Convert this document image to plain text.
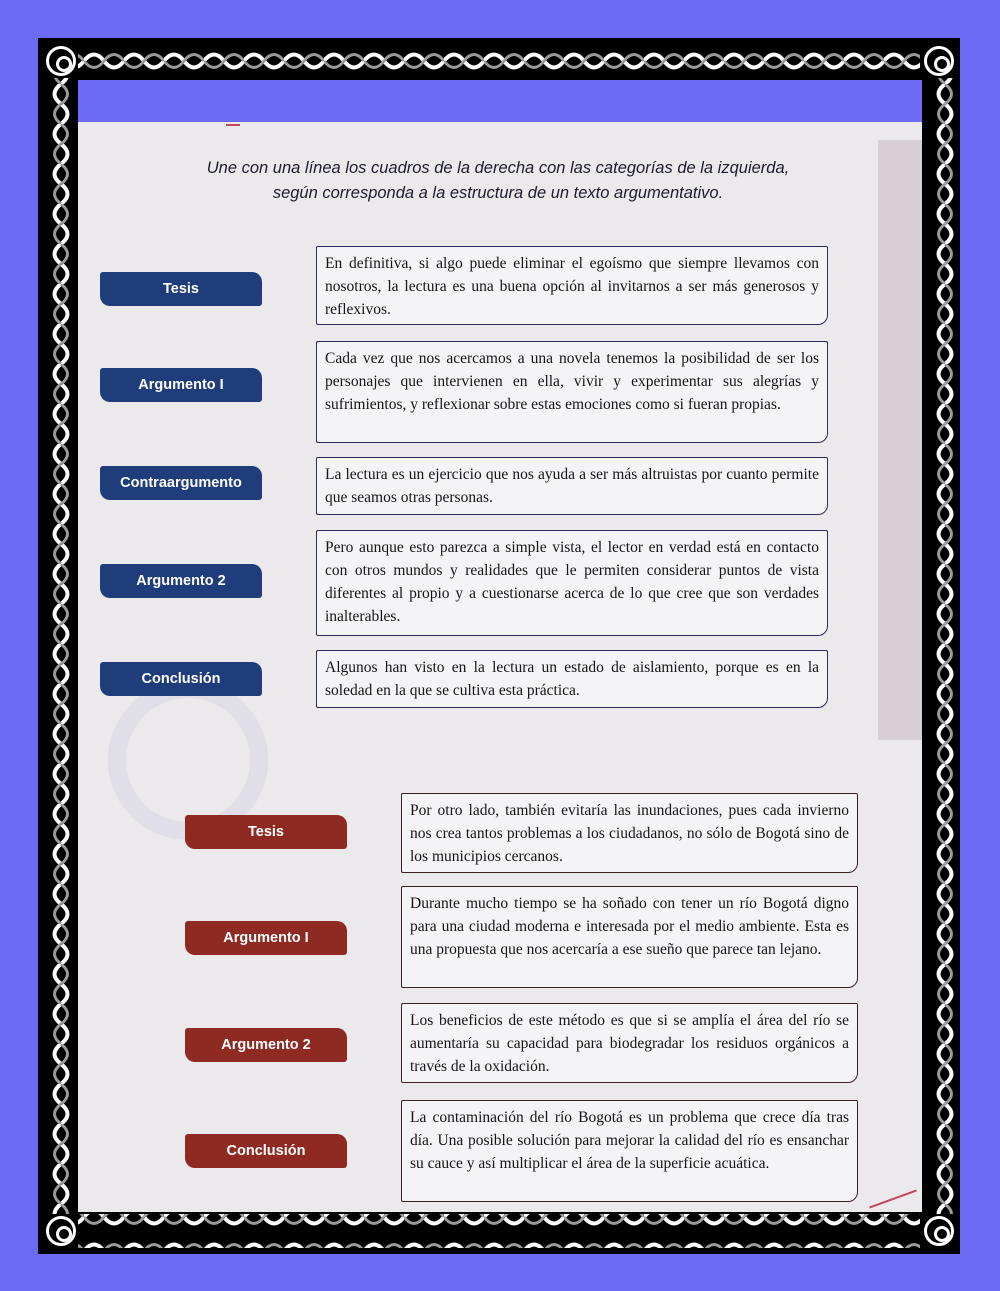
Une con una línea los cuadros de la derecha con las categorías de la izquierda,
según corresponda a la estructura de un texto argumentativo.
Tesis
Argumento I
Contraargumento
Argumento 2
Conclusión
En definitiva, si algo puede eliminar el egoísmo que siempre llevamos con nosotros, la lectura es una buena opción al invitarnos a ser más generosos y reflexivos.
Cada vez que nos acercamos a una novela tenemos la posibilidad de ser los personajes que intervienen en ella, vivir y experimentar sus alegrías y sufrimientos, y reflexionar sobre estas emociones como si fueran propias.
La lectura es un ejercicio que nos ayuda a ser más altruistas por cuanto permite que seamos otras personas.
Pero aunque esto parezca a simple vista, el lector en verdad está en contacto con otros mundos y realidades que le permiten considerar puntos de vista diferentes al propio y a cuestionarse acerca de lo que cree que son verdades inalterables.
Algunos han visto en la lectura un estado de aislamiento, porque es en la soledad en la que se cultiva esta práctica.
Tesis
Argumento I
Argumento 2
Conclusión
Por otro lado, también evitaría las inundaciones, pues cada invierno nos crea tantos problemas a los ciudadanos, no sólo de Bogotá sino de los municipios cercanos.
Durante mucho tiempo se ha soñado con tener un río Bogotá digno para una ciudad moderna e interesada por el medio ambiente. Esta es una propuesta que nos acercaría a ese sueño que parece tan lejano.
Los beneficios de este método es que si se amplía el área del río se aumentaría su capacidad para biodegradar los residuos orgánicos a través de la oxidación.
La contaminación del río Bogotá es un problema que crece día tras día. Una posible solución para mejorar la calidad del río es ensanchar su cauce y así multiplicar el área de la superficie acuática.
